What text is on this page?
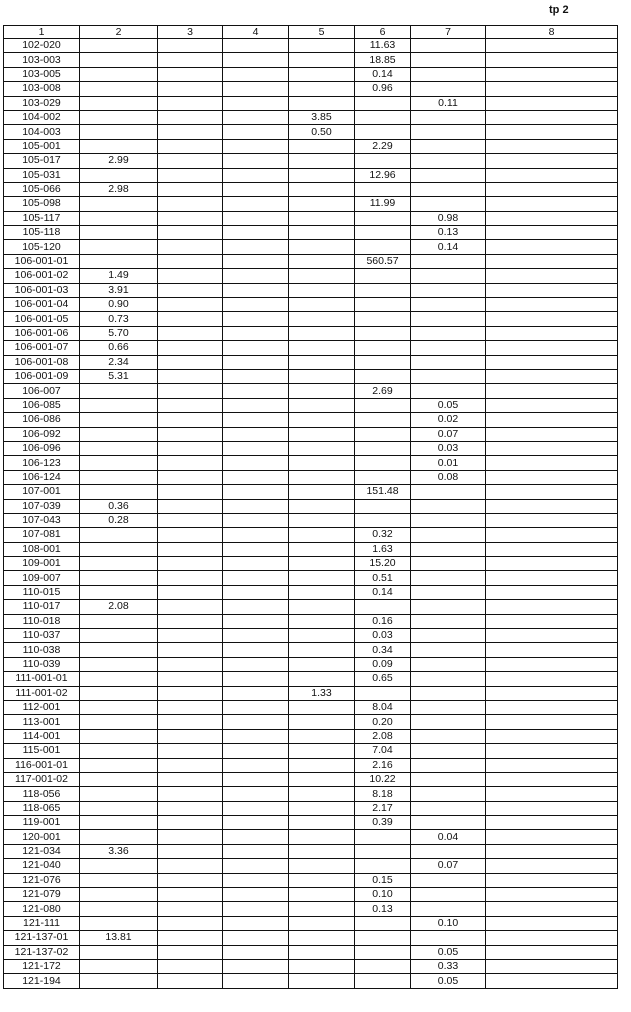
tp 2
1	2	3	4	5	6	7	8
102-020					11.63		
103-003					18.85		
103-005					0.14		
103-008					0.96		
103-029						0.11	
104-002				3.85			
104-003				0.50			
105-001					2.29		
105-017	2.99						
105-031					12.96		
105-066	2.98						
105-098					11.99		
105-117						0.98	
105-118						0.13	
105-120						0.14	
106-001-01					560.57		
106-001-02	1.49						
106-001-03	3.91						
106-001-04	0.90						
106-001-05	0.73						
106-001-06	5.70						
106-001-07	0.66						
106-001-08	2.34						
106-001-09	5.31						
106-007					2.69		
106-085						0.05	
106-086						0.02	
106-092						0.07	
106-096						0.03	
106-123						0.01	
106-124						0.08	
107-001					151.48		
107-039	0.36						
107-043	0.28						
107-081					0.32		
108-001					1.63		
109-001					15.20		
109-007					0.51		
110-015					0.14		
110-017	2.08						
110-018					0.16		
110-037					0.03		
110-038					0.34		
110-039					0.09		
111-001-01					0.65		
111-001-02				1.33			
112-001					8.04		
113-001					0.20		
114-001					2.08		
115-001					7.04		
116-001-01					2.16		
117-001-02					10.22		
118-056					8.18		
118-065					2.17		
119-001					0.39		
120-001						0.04	
121-034	3.36						
121-040						0.07	
121-076					0.15		
121-079					0.10		
121-080					0.13		
121-111						0.10	
121-137-01	13.81						
121-137-02						0.05	
121-172						0.33	
121-194						0.05	
